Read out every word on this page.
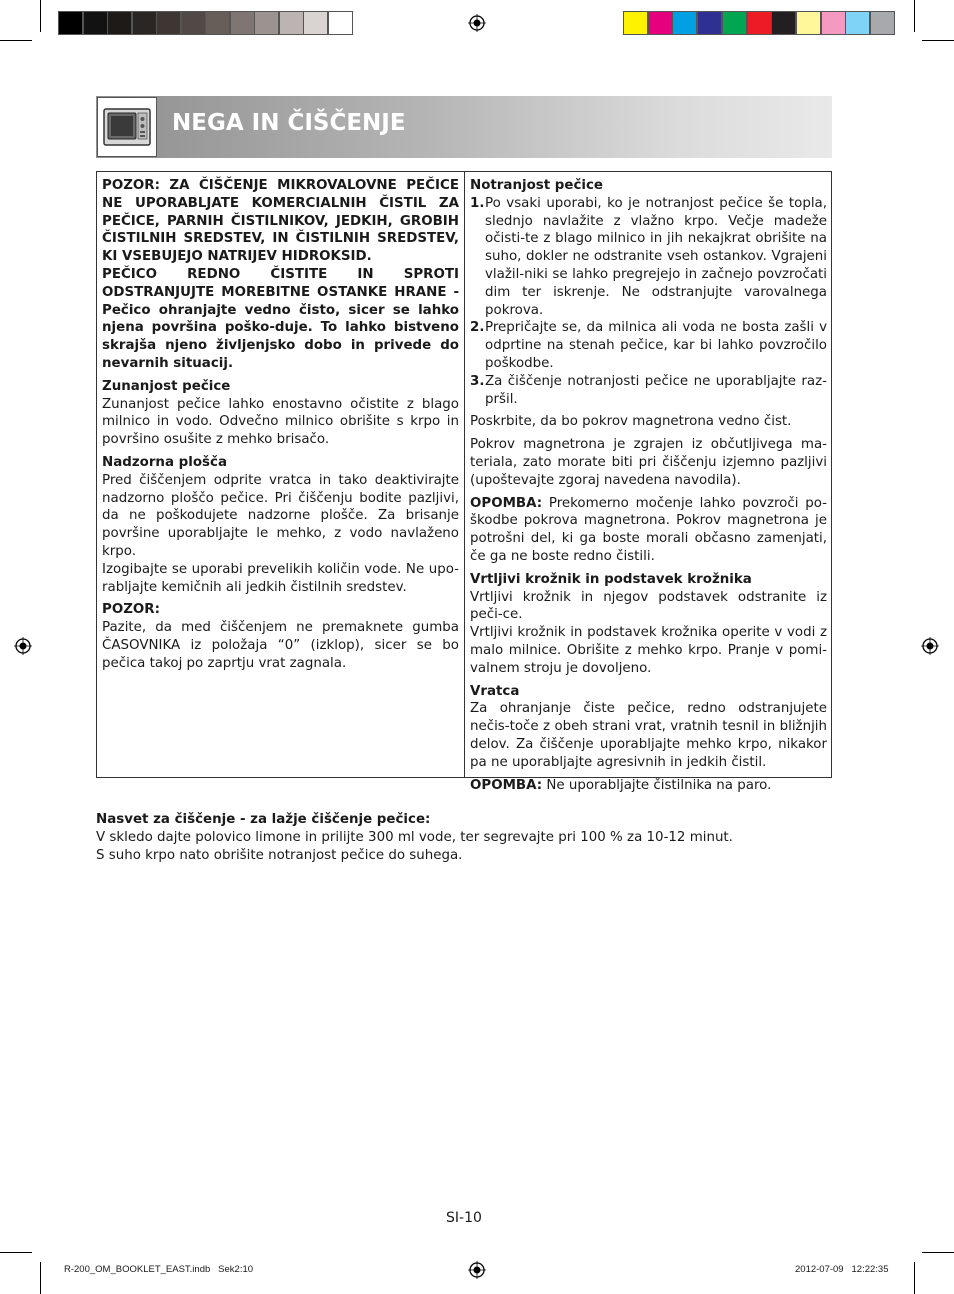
NEGA IN ČIŠČENJE

POZOR: ZA ČIŠČENJE MIKROVALOVNE PEČICE NE UPORABLJATE KOMERCIALNIH ČISTIL ZA PEČICE, PARNIH ČISTILNIKOV, JEDKIH, GROBIH ČISTILNIH SREDSTEV, IN ČISTILNIH SREDSTEV, KI VSEBUJEJO NATRIJEV HIDROKSID.

PEČICO REDNO ČISTITE IN SPROTI ODSTRANJUJTE MOREBITNE OSTANKE HRANE - Pečico ohranjajte vedno čisto, sicer se lahko njena površina poško-duje. To lahko bistveno skrajša njeno življenjsko dobo in privede do nevarnih situacij.

Zunanjost pečice

Zunanjost pečice lahko enostavno očistite z blago milnico in vodo. Odvečno milnico obrišite s krpo in površino osušite z mehko brisačo.

Nadzorna plošča

Pred čiščenjem odprite vratca in tako deaktivirajte nadzorno ploščo pečice. Pri čiščenju bodite pazljivi, da ne poškodujete nadzorne plošče. Za brisanje površine uporabljajte le mehko, z vodo navlaženo krpo.

Izogibajte se uporabi prevelikih količin vode. Ne upo-rabljajte kemičnih ali jedkih čistilnih sredstev.

POZOR:

Pazite, da med čiščenjem ne premaknete gumba ČASOVNIKA iz položaja “0” (izklop), sicer se bo pečica takoj po zaprtju vrat zagnala.

Notranjost pečice

1. Po vsaki uporabi, ko je notranjost pečice še topla, slednjo navlažite z vlažno krpo. Večje madeže očisti-te z blago milnico in jih nekajkrat obrišite na suho, dokler ne odstranite vseh ostankov. Vgrajeni vlažil-niki se lahko pregrejejo in začnejo povzročati dim ter iskrenje. Ne odstranjujte varovalnega pokrova.
2. Prepričajte se, da milnica ali voda ne bosta zašli v odprtine na stenah pečice, kar bi lahko povzročilo poškodbe.
3. Za čiščenje notranjosti pečice ne uporabljajte raz-pršil.

Poskrbite, da bo pokrov magnetrona vedno čist.

Pokrov magnetrona je zgrajen iz občutljivega ma-teriala, zato morate biti pri čiščenju izjemno pazljivi (upoštevajte zgoraj navedena navodila).

OPOMBA: Prekomerno močenje lahko povzroči po-škodbe pokrova magnetrona. Pokrov magnetrona je potrošni del, ki ga boste morali občasno zamenjati, če ga ne boste redno čistili.

Vrtljivi krožnik in podstavek krožnika

Vrtljivi krožnik in njegov podstavek odstranite iz peči-ce.

Vrtljivi krožnik in podstavek krožnika operite v vodi z malo milnice. Obrišite z mehko krpo. Pranje v pomi-valnem stroju je dovoljeno.

Vratca

Za ohranjanje čiste pečice, redno odstranjujete nečis-toče z obeh strani vrat, vratnih tesnil in bližnjih delov. Za čiščenje uporabljajte mehko krpo, nikakor pa ne uporabljajte agresivnih in jedkih čistil.

OPOMBA: Ne uporabljajte čistilnika na paro.

Nasvet za čiščenje - za lažje čiščenje pečice:

V skledo dajte polovico limone in prilijte 300 ml vode, ter segrevajte pri 100 % za 10-12 minut.

S suho krpo nato obrišite notranjost pečice do suhega.

SI-10
R-200_OM_BOOKLET_EAST.indb   Sek2:10	2012-07-09   12:22:35
